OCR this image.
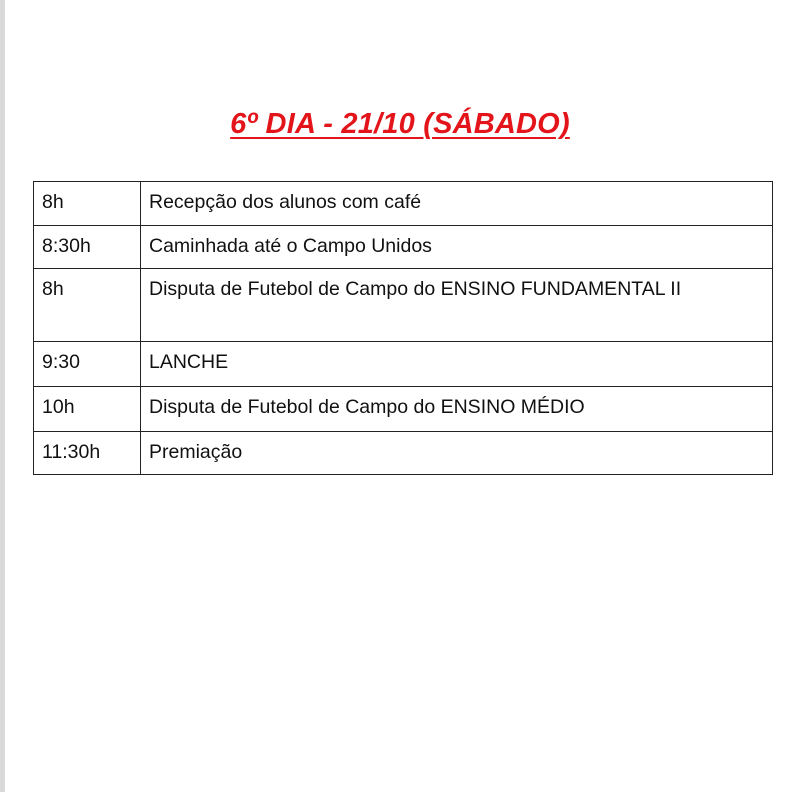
6º DIA - 21/10 (SÁBADO)
8h	Recepção dos alunos com café
8:30h	Caminhada até o Campo Unidos
8h	Disputa de Futebol de Campo do ENSINO FUNDAMENTAL II
9:30	LANCHE
10h	Disputa de Futebol de Campo do ENSINO MÉDIO
11:30h	Premiação
